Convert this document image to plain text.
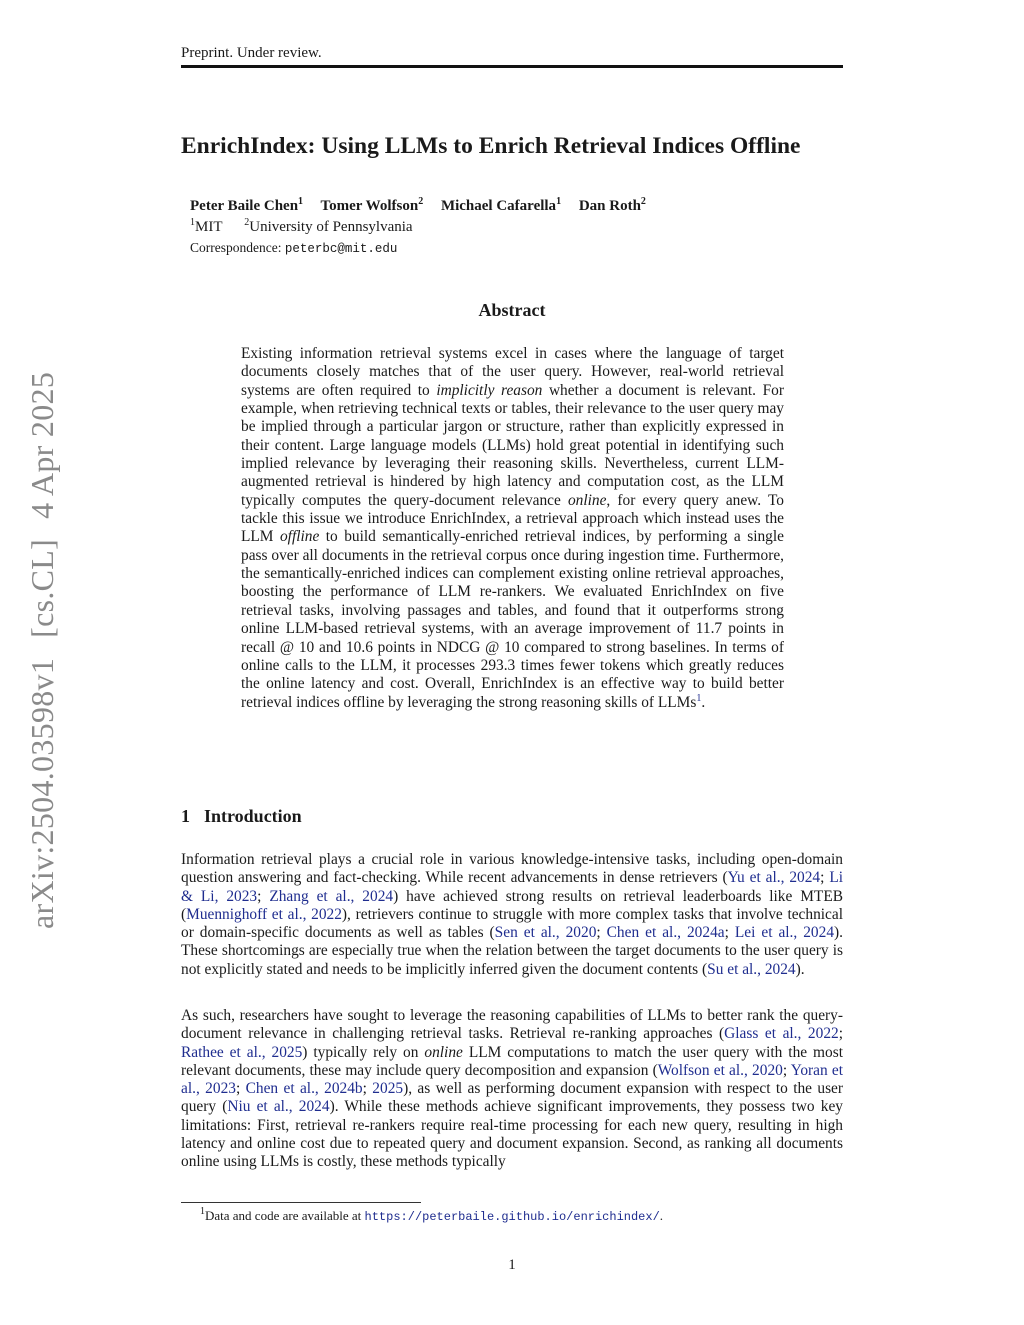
Preprint. Under review.
EnrichIndex: Using LLMs to Enrich Retrieval Indices Offline
Peter Baile Chen$^1$ Tomer Wolfson$^2$ Michael Cafarella$^1$ Dan Roth$^2$
$^1$MIT $^2$University of Pennsylvania
Correspondence: peterbc@mit.edu
arXiv:2504.03598v1[cs.CL]4 Apr 2025
Abstract

Existing information retrieval systems excel in cases where the language of target documents closely matches that of the user query. However, real-world retrieval systems are often required to implicitly reason whether a document is relevant. For example, when retrieving technical texts or tables, their relevance to the user query may be implied through a particular jargon or structure, rather than explicitly expressed in their content. Large language models (LLMs) hold great potential in identifying such implied relevance by leveraging their reasoning skills. Nevertheless, current LLM-augmented retrieval is hindered by high latency and computation cost, as the LLM typically computes the query-document relevance online, for every query anew. To tackle this issue we introduce EnrichIndex, a retrieval approach which instead uses the LLM offline to build semantically-enriched retrieval indices, by performing a single pass over all documents in the retrieval corpus once during ingestion time. Furthermore, the semantically-enriched indices can complement existing online retrieval approaches, boosting the performance of LLM re-rankers. We evaluated EnrichIndex on five retrieval tasks, involving passages and tables, and found that it outperforms strong online LLM-based retrieval systems, with an average improvement of 11.7 points in recall @ 10 and 10.6 points in NDCG @ 10 compared to strong baselines. In terms of online calls to the LLM, it processes 293.3 times fewer tokens which greatly reduces the online latency and cost. Overall, EnrichIndex is an effective way to build better retrieval indices offline by leveraging the strong reasoning skills of LLMs$^1$.

1 Introduction

Information retrieval plays a crucial role in various knowledge-intensive tasks, including open-domain question answering and fact-checking. While recent advancements in dense retrievers (Yu et al., 2024; Li & Li, 2023; Zhang et al., 2024) have achieved strong results on retrieval leaderboards like MTEB (Muennighoff et al., 2022), retrievers continue to struggle with more complex tasks that involve technical or domain-specific documents as well as tables (Sen et al., 2020; Chen et al., 2024a; Lei et al., 2024). These shortcomings are especially true when the relation between the target documents to the user query is not explicitly stated and needs to be implicitly inferred given the document contents (Su et al., 2024).

As such, researchers have sought to leverage the reasoning capabilities of LLMs to better rank the query-document relevance in challenging retrieval tasks. Retrieval re-ranking approaches (Glass et al., 2022; Rathee et al., 2025) typically rely on online LLM computations to match the user query with the most relevant documents, these may include query decomposition and expansion (Wolfson et al., 2020; Yoran et al., 2023; Chen et al., 2024b; 2025), as well as performing document expansion with respect to the user query (Niu et al., 2024). While these methods achieve significant improvements, they possess two key limitations: First, retrieval re-rankers require real-time processing for each new query, resulting in high latency and online cost due to repeated query and document expansion. Second, as ranking all documents online using LLMs is costly, these methods typically

$^1$Data and code are available at https://peterbaile.github.io/enrichindex/.
1
